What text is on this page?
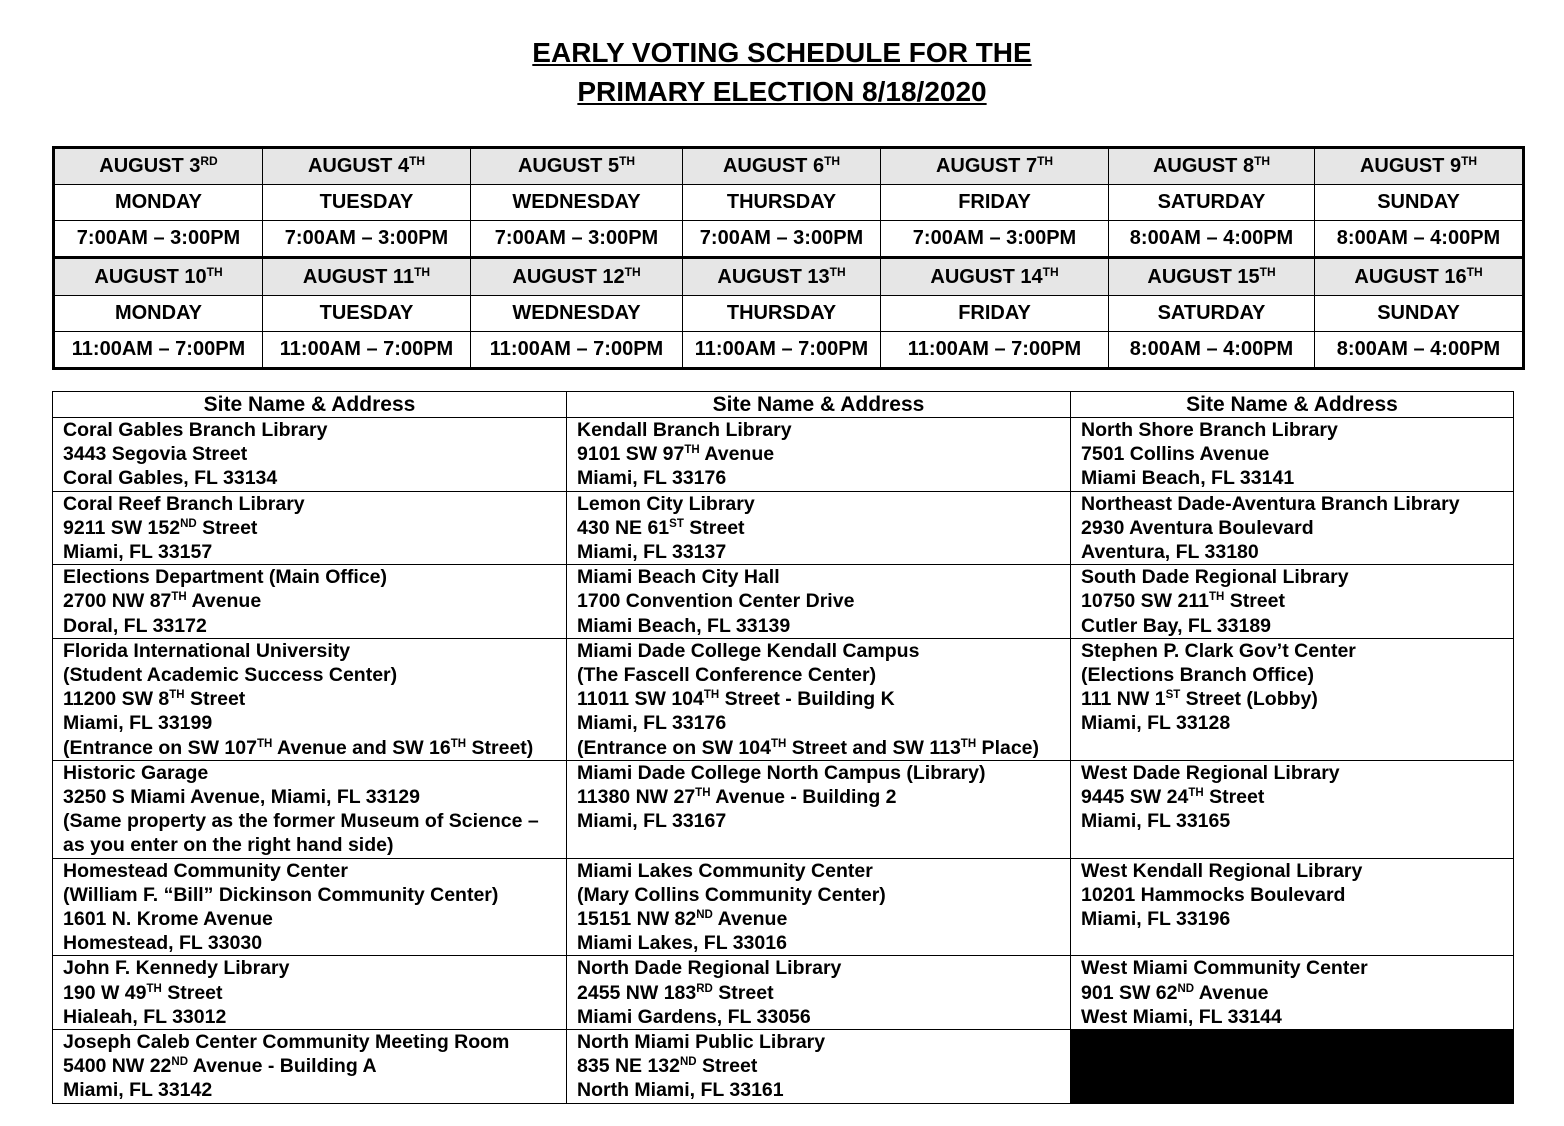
EARLY VOTING SCHEDULE FOR THE
PRIMARY ELECTION 8/18/2020
AUGUST 3RD	AUGUST 4TH	AUGUST 5TH	AUGUST 6TH	AUGUST 7TH	AUGUST 8TH	AUGUST 9TH
MONDAY	TUESDAY	WEDNESDAY	THURSDAY	FRIDAY	SATURDAY	SUNDAY
7:00AM – 3:00PM	7:00AM – 3:00PM	7:00AM – 3:00PM	7:00AM – 3:00PM	7:00AM – 3:00PM	8:00AM – 4:00PM	8:00AM – 4:00PM
AUGUST 10TH	AUGUST 11TH	AUGUST 12TH	AUGUST 13TH	AUGUST 14TH	AUGUST 15TH	AUGUST 16TH
MONDAY	TUESDAY	WEDNESDAY	THURSDAY	FRIDAY	SATURDAY	SUNDAY
11:00AM – 7:00PM	11:00AM – 7:00PM	11:00AM – 7:00PM	11:00AM – 7:00PM	11:00AM – 7:00PM	8:00AM – 4:00PM	8:00AM – 4:00PM
Site Name & Address	Site Name & Address	Site Name & Address

Coral Gables Branch Library
3443 Segovia Street
Coral Gables, FL 33134	Kendall Branch Library
9101 SW 97TH Avenue
Miami, FL 33176	North Shore Branch Library
7501 Collins Avenue
Miami Beach, FL 33141

Coral Reef Branch Library
9211 SW 152ND Street
Miami, FL 33157	Lemon City Library
430 NE 61ST Street
Miami, FL 33137	Northeast Dade-Aventura Branch Library
2930 Aventura Boulevard
Aventura, FL 33180

Elections Department (Main Office)
2700 NW 87TH Avenue
Doral, FL 33172	Miami Beach City Hall
1700 Convention Center Drive
Miami Beach, FL 33139	South Dade Regional Library
10750 SW 211TH Street
Cutler Bay, FL 33189

Florida International University
(Student Academic Success Center)
11200 SW 8TH Street
Miami, FL 33199
(Entrance on SW 107TH Avenue and SW 16TH Street)	Miami Dade College Kendall Campus
(The Fascell Conference Center)
11011 SW 104TH Street - Building K
Miami, FL 33176
(Entrance on SW 104TH Street and SW 113TH Place)	Stephen P. Clark Gov’t Center
(Elections Branch Office)
111 NW 1ST Street (Lobby)
Miami, FL 33128

Historic Garage
3250 S Miami Avenue, Miami, FL 33129
(Same property as the former Museum of Science –
as you enter on the right hand side)	Miami Dade College North Campus (Library)
11380 NW 27TH Avenue - Building 2
Miami, FL 33167	West Dade Regional Library
9445 SW 24TH Street
Miami, FL 33165

Homestead Community Center
(William F. “Bill” Dickinson Community Center)
1601 N. Krome Avenue
Homestead, FL 33030	Miami Lakes Community Center
(Mary Collins Community Center)
15151 NW 82ND Avenue
Miami Lakes, FL 33016	West Kendall Regional Library
10201 Hammocks Boulevard
Miami, FL 33196

John F. Kennedy Library
190 W 49TH Street
Hialeah, FL 33012	North Dade Regional Library
2455 NW 183RD Street
Miami Gardens, FL 33056	West Miami Community Center
901 SW 62ND Avenue
West Miami, FL 33144

Joseph Caleb Center Community Meeting Room
5400 NW 22ND Avenue - Building A
Miami, FL 33142	North Miami Public Library
835 NE 132ND Street
North Miami, FL 33161	
